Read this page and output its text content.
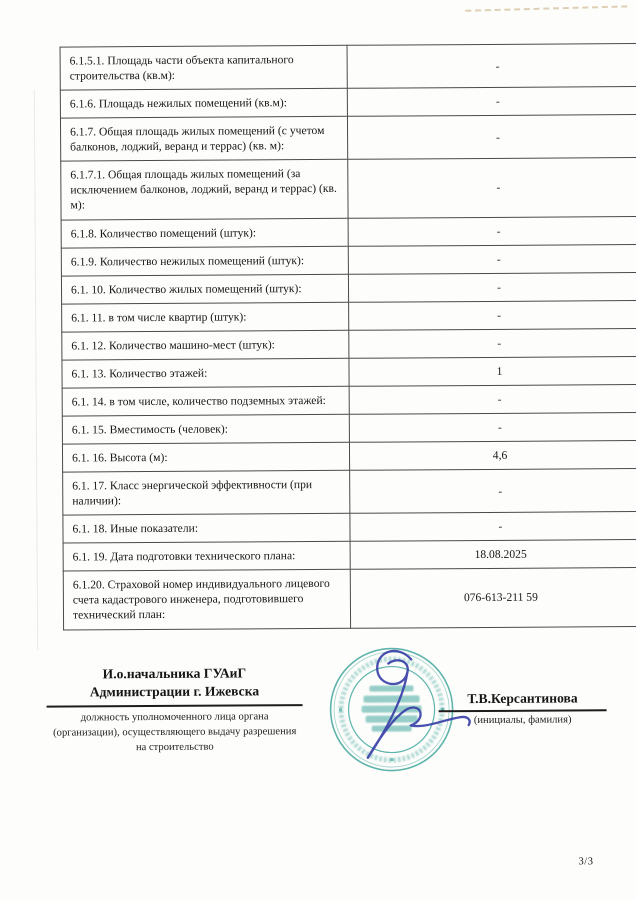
6.1.5.1. Площадь части объекта капитального строительства (кв.м):	-
6.1.6. Площадь нежилых помещений (кв.м):	-
6.1.7. Общая площадь жилых помещений (с учетом балконов, лоджий, веранд и террас) (кв. м):	-
6.1.7.1. Общая площадь жилых помещений (за исключением балконов, лоджий, веранд и террас) (кв. м):	-
6.1.8. Количество помещений (штук):	-
6.1.9. Количество нежилых помещений (штук):	-
6.1. 10. Количество жилых помещений (штук):	-
6.1. 11. в том числе квартир (штук):	-
6.1. 12. Количество машино-мест (штук):	-
6.1. 13. Количество этажей:	1
6.1. 14. в том числе, количество подземных этажей:	-
6.1. 15. Вместимость (человек):	-
6.1. 16. Высота (м):	4,6
6.1. 17. Класс энергической эффективности (при наличии):	-
6.1. 18. Иные показатели:	-
6.1. 19. Дата подготовки технического плана:	18.08.2025
6.1.20. Страховой номер индивидуального лицевого счета кадастрового инженера, подготовившего технический план:	076-613-211 59
И.о.начальника ГУАиГ
Администрации г. Ижевска
должность уполномоченного лица органа (организации), осуществляющего выдачу разрешения на строительство
Т.В.Керсантинова
(инициалы, фамилия)
3/3
